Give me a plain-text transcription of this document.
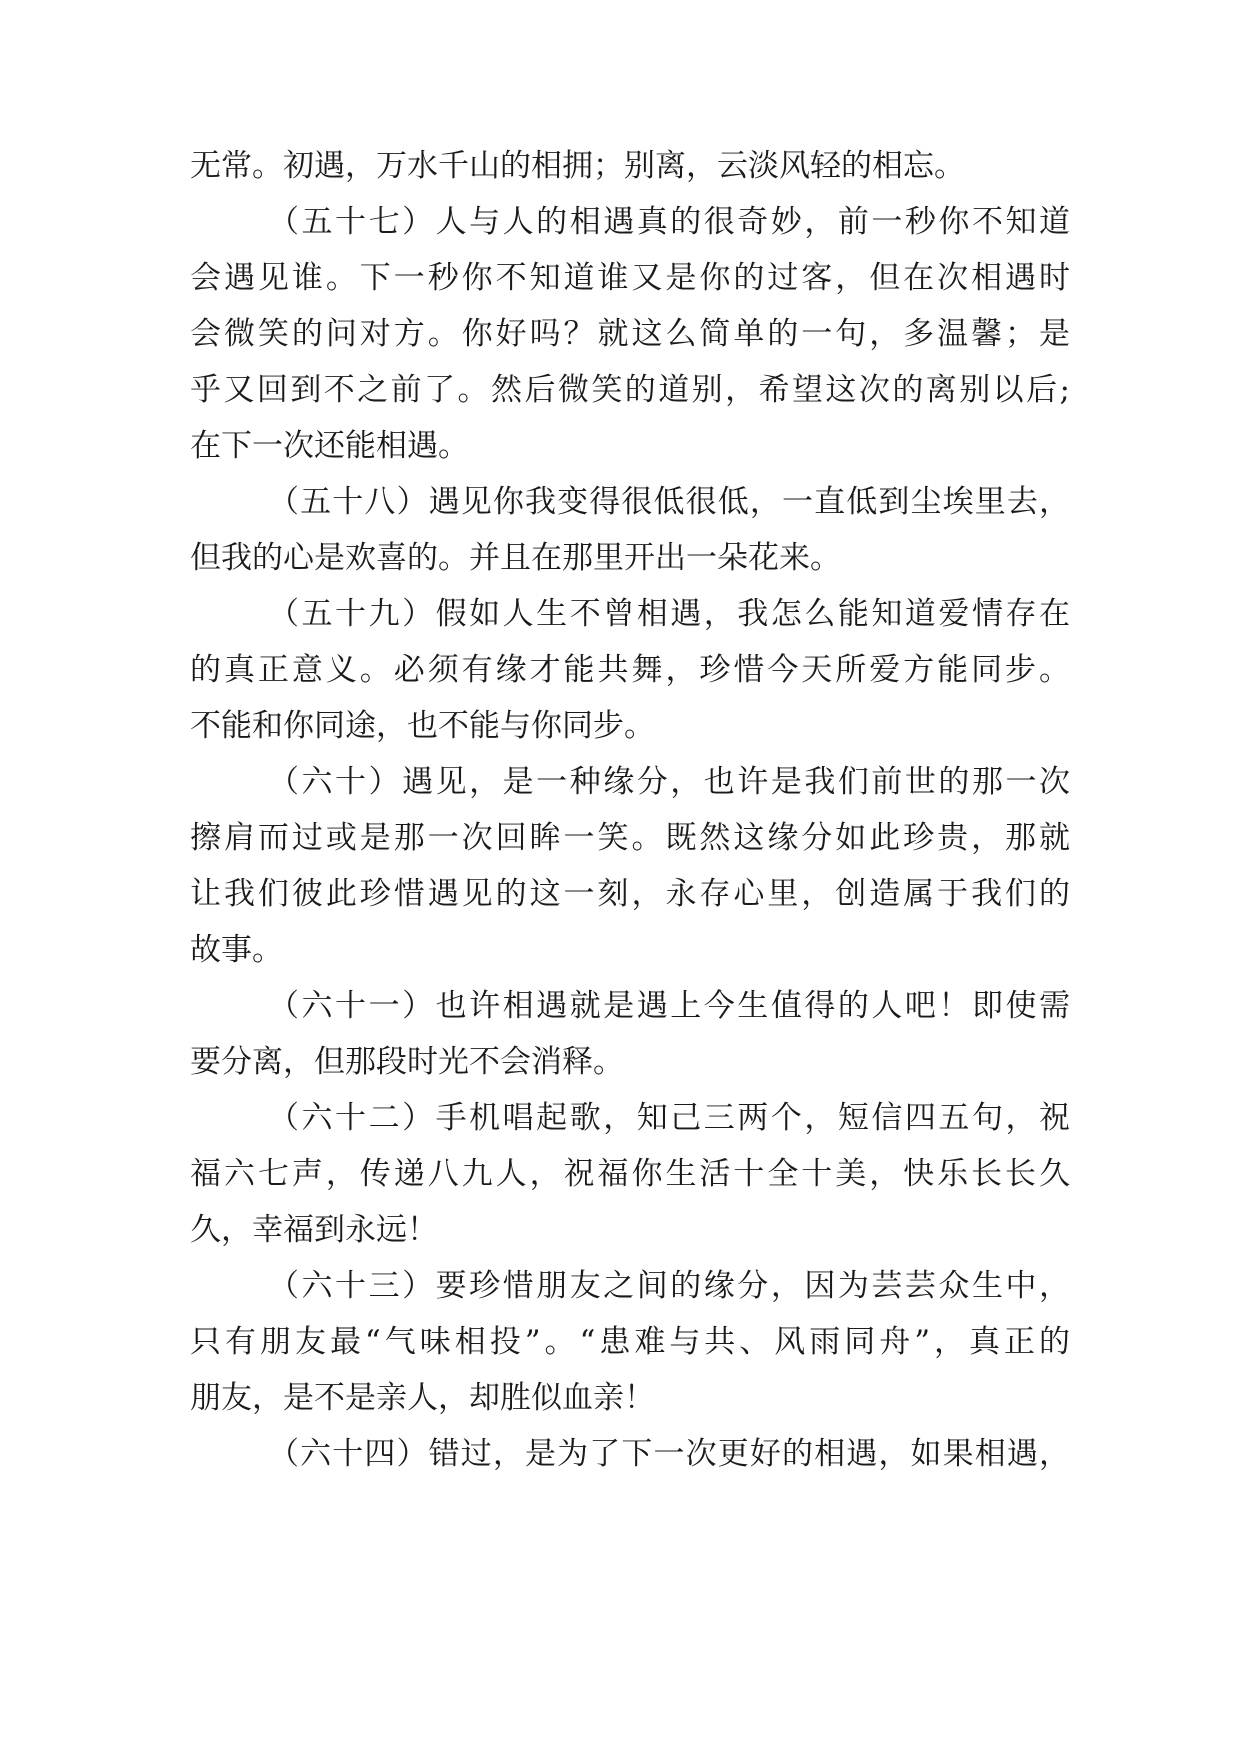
无常。初遇，万水千山的相拥；别离，云淡风轻的相忘。

（五十七）人与人的相遇真的很奇妙，前一秒你不知道

会遇见谁。下一秒你不知道谁又是你的过客，但在次相遇时

会微笑的问对方。你好吗？就这么简单的一句，多温馨；是

乎又回到不之前了。然后微笑的道别，希望这次的离别以后;

在下一次还能相遇。

（五十八）遇见你我变得很低很低，一直低到尘埃里去，

但我的心是欢喜的。并且在那里开出一朵花来。

（五十九）假如人生不曾相遇，我怎么能知道爱情存在

的真正意义。必须有缘才能共舞，珍惜今天所爱方能同步。

不能和你同途，也不能与你同步。

（六十）遇见，是一种缘分，也许是我们前世的那一次

擦肩而过或是那一次回眸一笑。既然这缘分如此珍贵，那就

让我们彼此珍惜遇见的这一刻，永存心里，创造属于我们的

故事。

（六十一）也许相遇就是遇上今生值得的人吧！即使需

要分离，但那段时光不会消释。

（六十二）手机唱起歌，知己三两个，短信四五句，祝

福六七声，传递八九人，祝福你生活十全十美，快乐长长久

久，幸福到永远！

（六十三）要珍惜朋友之间的缘分，因为芸芸众生中，

只有朋友最“气味相投”。“患难与共、风雨同舟”，真正的

朋友，是不是亲人，却胜似血亲！

（六十四）错过，是为了下一次更好的相遇，如果相遇，
